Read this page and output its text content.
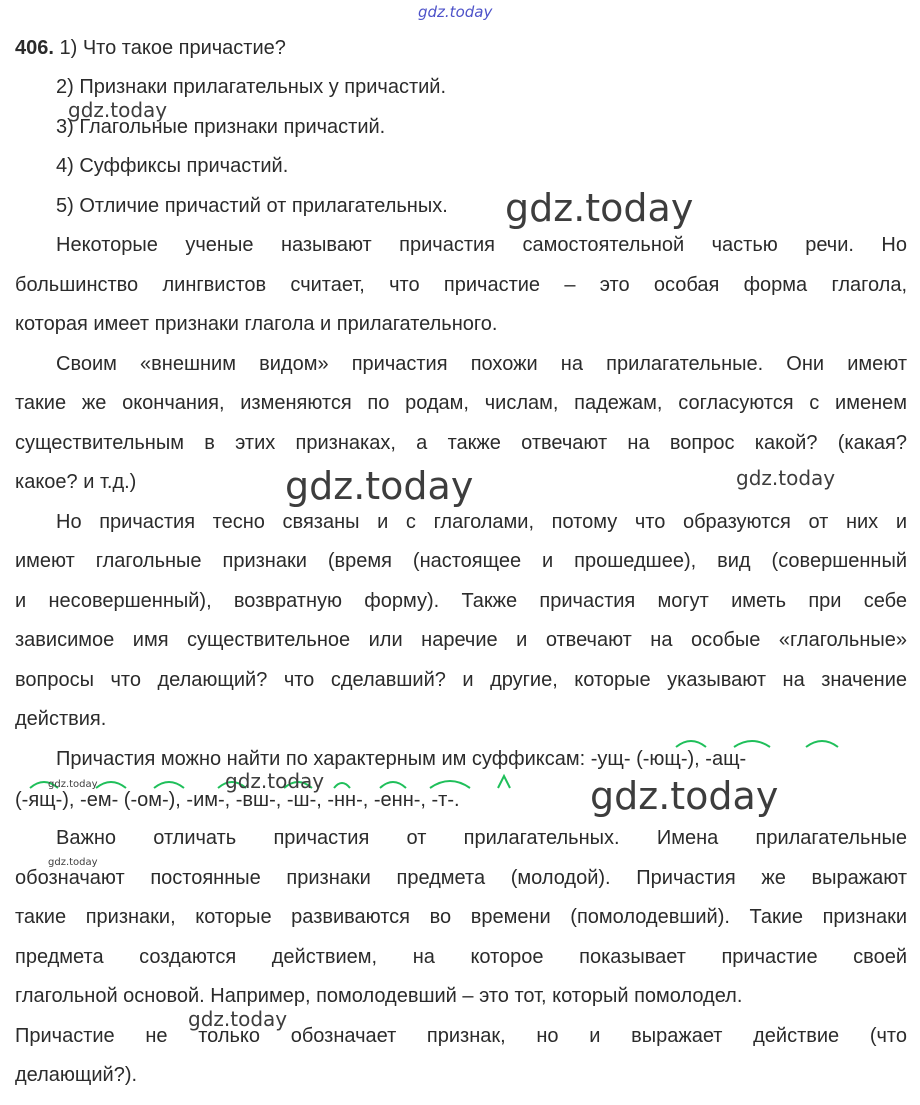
gdz.today
406. 1) Что такое причастие?
2) Признаки прилагательных у причастий.
3) Глагольные признаки причастий.
4) Суффиксы причастий.
5) Отличие причастий от прилагательных.
Некоторые ученые называют причастия самостоятельной частью речи. Но
большинство лингвистов считает, что причастие – это особая форма глагола,
которая имеет признаки глагола и прилагательного.
Своим «внешним видом» причастия похожи на прилагательные. Они имеют
такие же окончания, изменяются по родам, числам, падежам, согласуются с именем
существительным в этих признаках, а также отвечают на вопрос какой? (какая?
какое? и т.д.)
Но причастия тесно связаны и с глаголами, потому что образуются от них и
имеют глагольные признаки (время (настоящее и прошедшее), вид (совершенный
и несовершенный), возвратную форму). Также причастия могут иметь при себе
зависимое имя существительное или наречие и отвечают на особые «глагольные»
вопросы что делающий? что сделавший? и другие, которые указывают на значение
действия.
Причастия можно найти по характерным им суффиксам: -ущ- (-ющ-), -ащ-
(-ящ-), -ем- (-ом-), -им-, -вш-, -ш-, -нн-, -енн-, -т-.
Важно отличать причастия от прилагательных. Имена прилагательные
обозначают постоянные признаки предмета (молодой). Причастия же выражают
такие признаки, которые развиваются во времени (помолодевший). Такие признаки
предмета создаются действием, на которое показывает причастие своей
глагольной основой. Например, помолодевший – это тот, который помолодел.
Причастие не только обозначает признак, но и выражает действие (что
делающий?).
gdz.today
gdz.today
gdz.today
gdz.today
gdz.today	gdz.today	gdz.today
gdz.today
gdz.today
